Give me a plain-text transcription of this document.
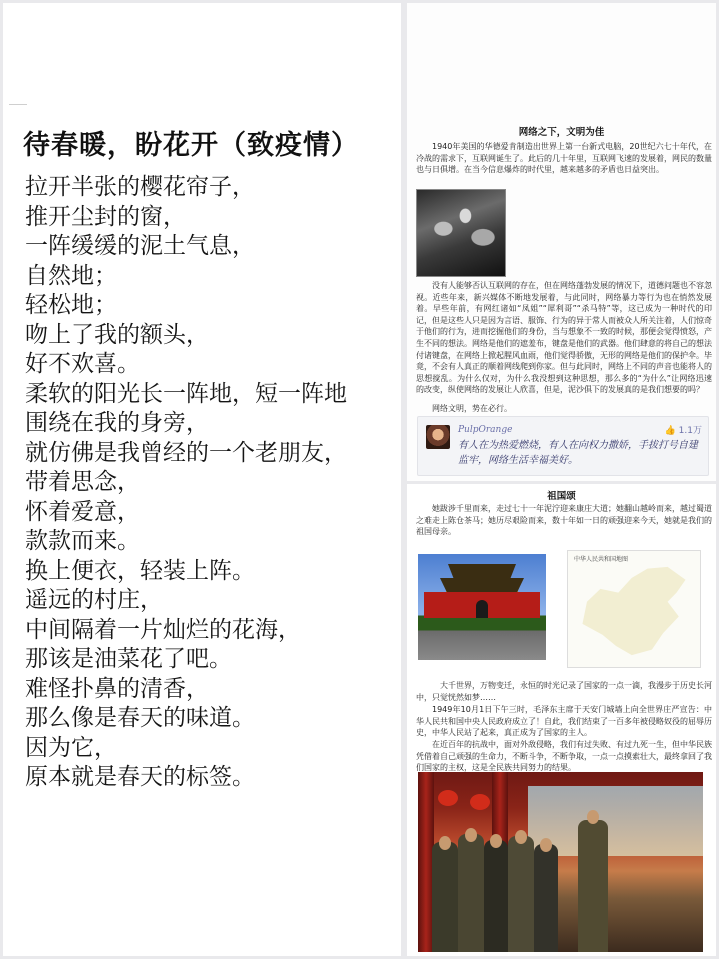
待春暖，盼花开（致疫情）
拉开半张的樱花帘子，
推开尘封的窗，
一阵缓缓的泥土气息，
自然地；
轻松地；
吻上了我的额头，
好不欢喜。
柔软的阳光长一阵地，短一阵地
围绕在我的身旁，
就仿佛是我曾经的一个老朋友，
带着思念，
怀着爱意，
款款而来。
换上便衣，轻装上阵。
遥远的村庄，
中间隔着一片灿烂的花海，
那该是油菜花了吧。
难怪扑鼻的清香，
那么像是春天的味道。
因为它，
原本就是春天的标签。
网络之下，文明为佳
1940年美国的华德爱肯制造出世界上第一台新式电脑，20世纪六七十年代，在冷战的需求下，互联网诞生了。此后的几十年里，互联网飞速的发展着，网民的数量也与日俱增。在当今信息爆炸的时代里，越来越多的矛盾也日益突出。
没有人能够否认互联网的存在，但在网络蓬勃发展的情况下，道德问题也不容忽视。近些年来，新兴媒体不断地发展着，与此同时，网络暴力等行为也在悄然发展着。早些年前，有网红诸如“凤姐”“犀利哥”“杀马特”等，这已成为一种时代的印记，但是这些人只是因为言语、服饰、行为的异于常人而被众人所关注着，人们惊奇于他们的行为，进而挖掘他们的身份，当与想象不一致的时候，那便会觉得愤怒，产生不同的想法。网络是他们的遮羞布，键盘是他们的武器。他们肆意的将自己的想法付诸键盘，在网络上掀起腥风血雨，他们觉得骄傲，无形的网络是他们的保护伞。毕竟，不会有人真正的顺着网线爬到你家。但与此同时，网络上不同的声音也能将人的思想搅乱。为什么仅对，为什么我没想到这种思想，那么多的“为什么”让网络迅速的改变，纵使网络的发展让人欣喜，但是，泥沙俱下的发展真的是我们想要的吗？
网络文明，势在必行。
PulpOrange	👍 1.1万
有人在为热爱燃烧，有人在向权力撒娇，手拔打号自建监牢，网络生活幸福美好。
祖国颂
她跋涉千里而来，走过七十一年泥泞迎来康庄大道；她翻山越岭而来，越过蜀道之难走上陈仓茶马；她历尽艰险而来，数十年如一日的顽强迎来今天，她就是我们的祖国母亲。
中华人民共和国地图
大千世界，万物变迁，永恒的时光记录了国家的一点一滴，我漫步于历史长河中，只觉恍然如梦……
1949年10月1日下午三时，毛泽东主席于天安门城墙上向全世界庄严宣告：中华人民共和国中央人民政府成立了！自此，我们结束了一百多年被侵略奴役的屈辱历史，中华人民站了起来，真正成为了国家的主人。
在近百年的抗战中，面对外敌侵略，我们有过失败、有过九死一生，但中华民族凭借着自己顽强的生命力，不断斗争，不断争取，一点一点摸索壮大，最终拿回了我们国家的主权，这是全民族共同努力的结果。
